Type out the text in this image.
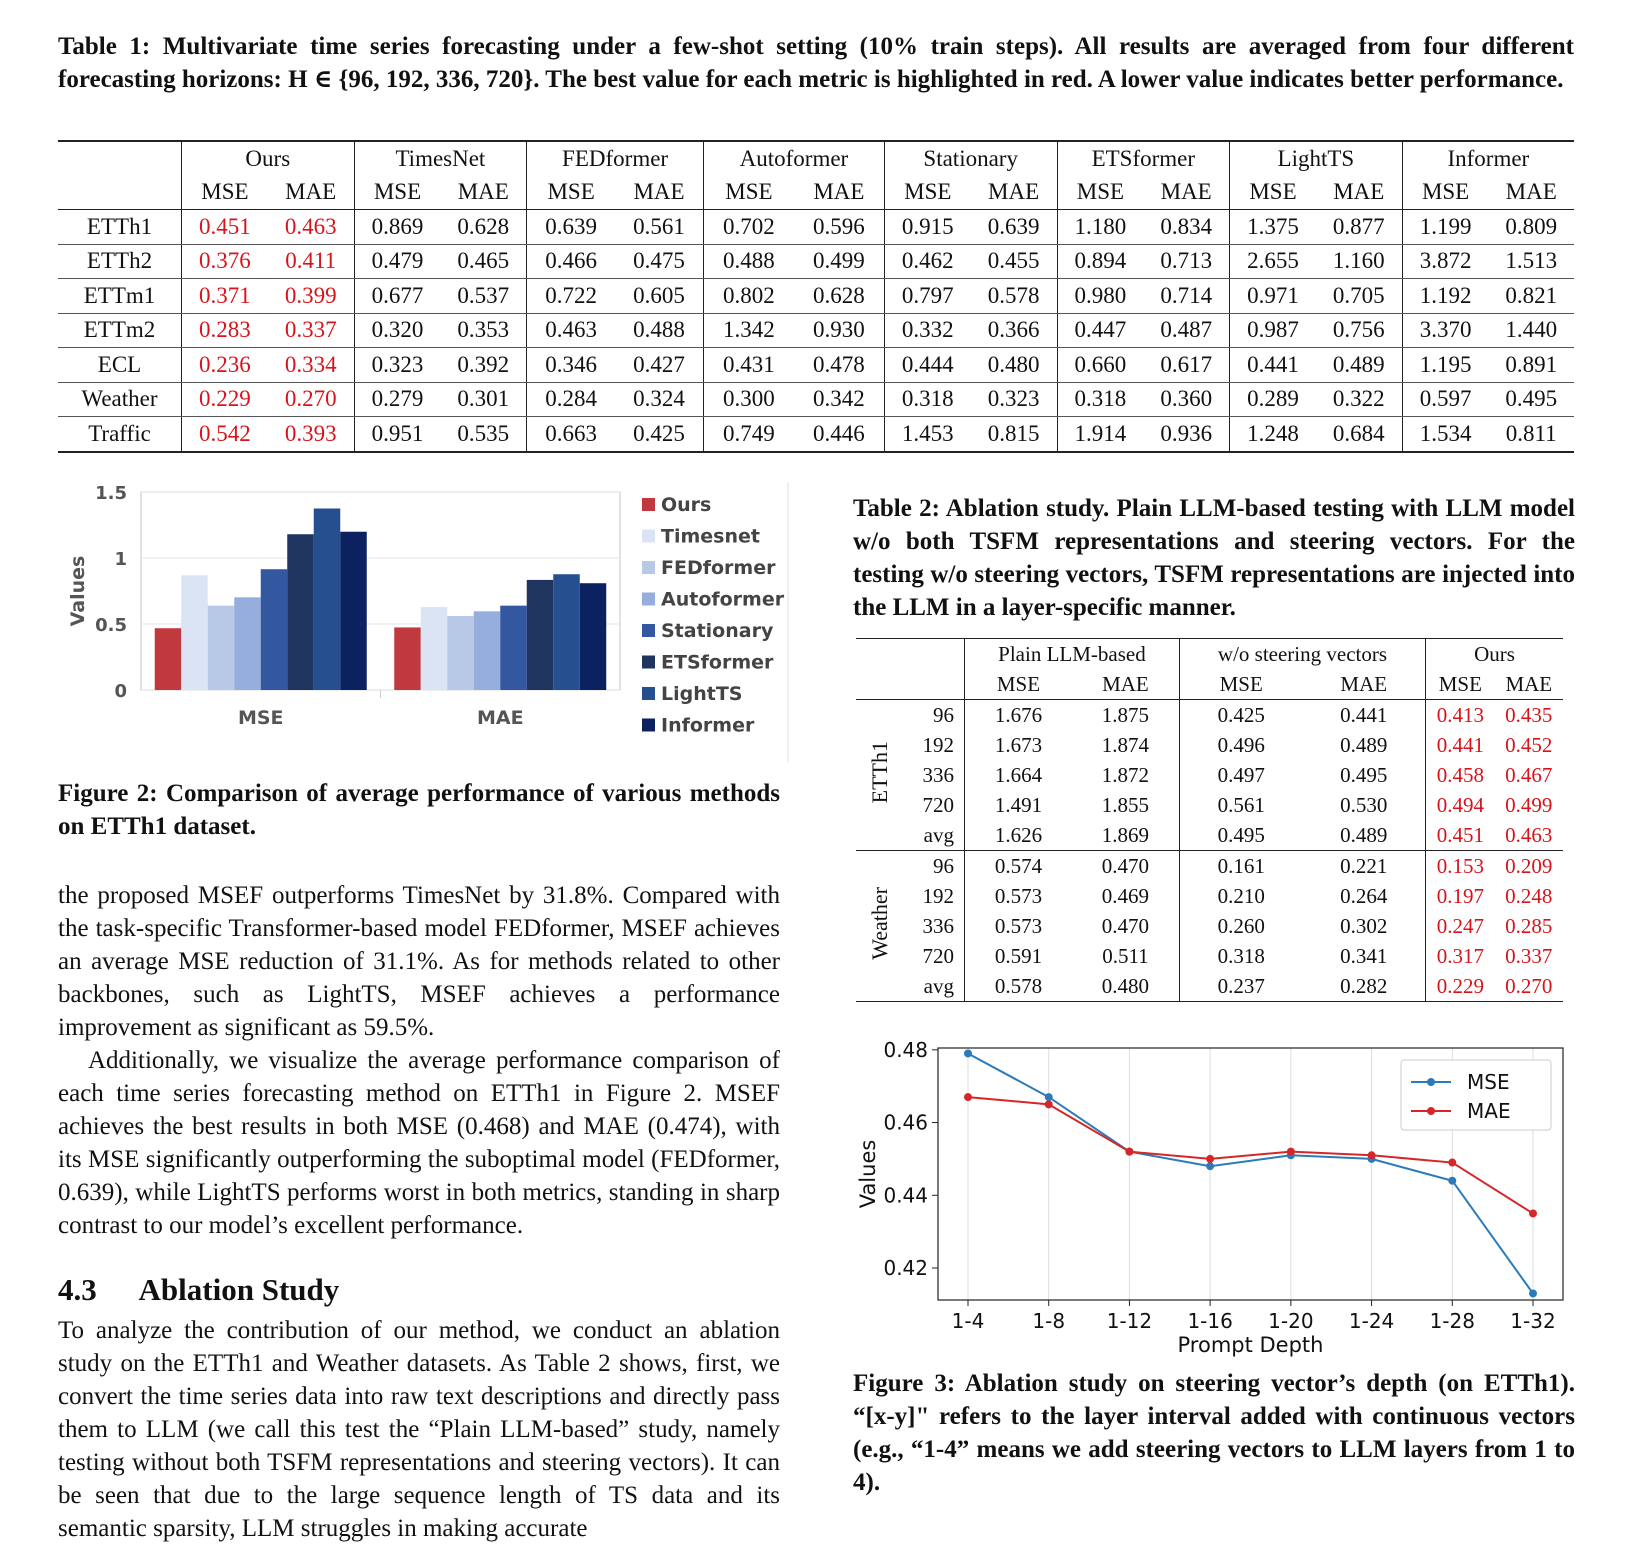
Table 1: Multivariate time series forecasting under a few-shot setting (10% train steps). All results are averaged from four different forecasting horizons: H ∈ {96, 192, 336, 720}. The best value for each metric is highlighted in red. A lower value indicates better performance.
	Ours		TimesNet		FEDformer		Autoformer		Stationary		ETSformer		LightTS		Informer	
	MSE	MAE	MSE	MAE	MSE	MAE	MSE	MAE	MSE	MAE	MSE	MAE	MSE	MAE	MSE	MAE
ETTh1	0.451	0.463	0.869	0.628	0.639	0.561	0.702	0.596	0.915	0.639	1.180	0.834	1.375	0.877	1.199	0.809
ETTh2	0.376	0.411	0.479	0.465	0.466	0.475	0.488	0.499	0.462	0.455	0.894	0.713	2.655	1.160	3.872	1.513
ETTm1	0.371	0.399	0.677	0.537	0.722	0.605	0.802	0.628	0.797	0.578	0.980	0.714	0.971	0.705	1.192	0.821
ETTm2	0.283	0.337	0.320	0.353	0.463	0.488	1.342	0.930	0.332	0.366	0.447	0.487	0.987	0.756	3.370	1.440
ECL	0.236	0.334	0.323	0.392	0.346	0.427	0.431	0.478	0.444	0.480	0.660	0.617	0.441	0.489	1.195	0.891
Weather	0.229	0.270	0.279	0.301	0.284	0.324	0.300	0.342	0.318	0.323	0.318	0.360	0.289	0.322	0.597	0.495
Traffic	0.542	0.393	0.951	0.535	0.663	0.425	0.749	0.446	1.453	0.815	1.914	0.936	1.248	0.684	1.534	0.811
0
0.5
1
1.5
Values
MSE	MAE
Ours
Timesnet
FEDformer
Autoformer
Stationary
ETSformer
LightTS
Informer
Figure 2: Comparison of average performance of various methods on ETTh1 dataset.
the proposed MSEF outperforms TimesNet by 31.8%. Compared with the task-specific Transformer-based model FEDformer, MSEF achieves an average MSE reduction of 31.1%. As for methods related to other backbones, such as LightTS, MSEF achieves a performance improvement as significant as 59.5%.
Additionally, we visualize the average performance comparison of each time series forecasting method on ETTh1 in Figure 2. MSEF achieves the best results in both MSE (0.468) and MAE (0.474), with its MSE significantly outperforming the suboptimal model (FEDformer, 0.639), while LightTS performs worst in both metrics, standing in sharp contrast to our model’s excellent performance.
4.3 Ablation Study
To analyze the contribution of our method, we conduct an ablation study on the ETTh1 and Weather datasets. As Table 2 shows, first, we convert the time series data into raw text descriptions and directly pass them to LLM (we call this test the “Plain LLM-based” study, namely testing without both TSFM representations and steering vectors). It can be seen that due to the large sequence length of TS data and its semantic sparsity, LLM struggles in making accurate
Table 2: Ablation study. Plain LLM-based testing with LLM model w/o both TSFM representations and steering vectors. For the testing w/o steering vectors, TSFM representations are injected into the LLM in a layer-specific manner.
		Plain LLM-based		w/o steering vectors		Ours	
		MSE	MAE	MSE	MAE	MSE	MAE
ETTh1	96	1.676	1.875	0.425	0.441	0.413	0.435
	192	1.673	1.874	0.496	0.489	0.441	0.452
	336	1.664	1.872	0.497	0.495	0.458	0.467
	720	1.491	1.855	0.561	0.530	0.494	0.499
	avg	1.626	1.869	0.495	0.489	0.451	0.463
Weather	96	0.574	0.470	0.161	0.221	0.153	0.209
	192	0.573	0.469	0.210	0.264	0.197	0.248
	336	0.573	0.470	0.260	0.302	0.247	0.285
	720	0.591	0.511	0.318	0.341	0.317	0.337
	avg	0.578	0.480	0.237	0.282	0.229	0.270
1-4 1-8 1-12 1-16 1-20 1-24 1-28 1-32
0.42
0.44
0.46
0.48
Prompt Depth
Values
MSE
MAE
Figure 3: Ablation study on steering vector’s depth (on ETTh1). “[x-y]" refers to the layer interval added with continuous vectors (e.g., “1-4” means we add steering vectors to LLM layers from 1 to 4).
